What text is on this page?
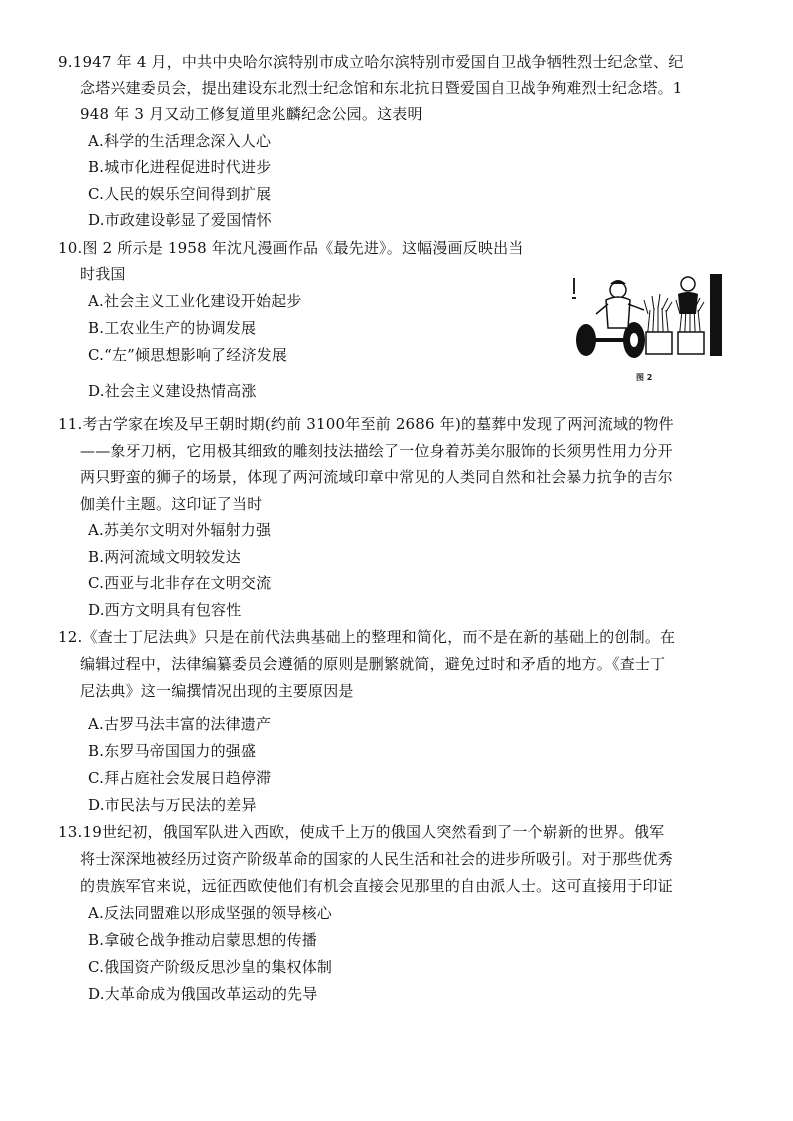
9.1947 年 4 月，中共中央哈尔滨特别市成立哈尔滨特别市爱国自卫战争牺牲烈士纪念堂、纪
念塔兴建委员会，提出建设东北烈士纪念馆和东北抗日暨爱国自卫战争殉难烈士纪念塔。1
948 年 3 月又动工修复道里兆麟纪念公园。这表明
A.科学的生活理念深入人心
B.城市化进程促进时代进步
C.人民的娱乐空间得到扩展
D.市政建设彰显了爱国情怀
10.图 2 所示是 1958 年沈凡漫画作品《最先进》。这幅漫画反映出当
时我国
A.社会主义工业化建设开始起步
B.工农业生产的协调发展
C.“左”倾思想影响了经济发展
D.社会主义建设热情高涨
图 2
11.考古学家在埃及早王朝时期(约前 3100年至前 2686 年)的墓葬中发现了两河流域的物件
——象牙刀柄，它用极其细致的雕刻技法描绘了一位身着苏美尔服饰的长须男性用力分开
两只野蛮的狮子的场景，体现了两河流域印章中常见的人类同自然和社会暴力抗争的吉尔
伽美什主题。这印证了当时
A.苏美尔文明对外辐射力强
B.两河流域文明较发达
C.西亚与北非存在文明交流
D.西方文明具有包容性
12.《查士丁尼法典》只是在前代法典基础上的整理和简化，而不是在新的基础上的创制。在
编辑过程中，法律编纂委员会遵循的原则是删繁就简，避免过时和矛盾的地方。《查士丁
尼法典》这一编撰情况出现的主要原因是
A.古罗马法丰富的法律遗产
B.东罗马帝国国力的强盛
C.拜占庭社会发展日趋停滞
D.市民法与万民法的差异
13.19世纪初，俄国军队进入西欧，使成千上万的俄国人突然看到了一个崭新的世界。俄军
将士深深地被经历过资产阶级革命的国家的人民生活和社会的进步所吸引。对于那些优秀
的贵族军官来说，远征西欧使他们有机会直接会见那里的自由派人士。这可直接用于印证
A.反法同盟难以形成坚强的领导核心
B.拿破仑战争推动启蒙思想的传播
C.俄国资产阶级反思沙皇的集权体制
D.大革命成为俄国改革运动的先导
